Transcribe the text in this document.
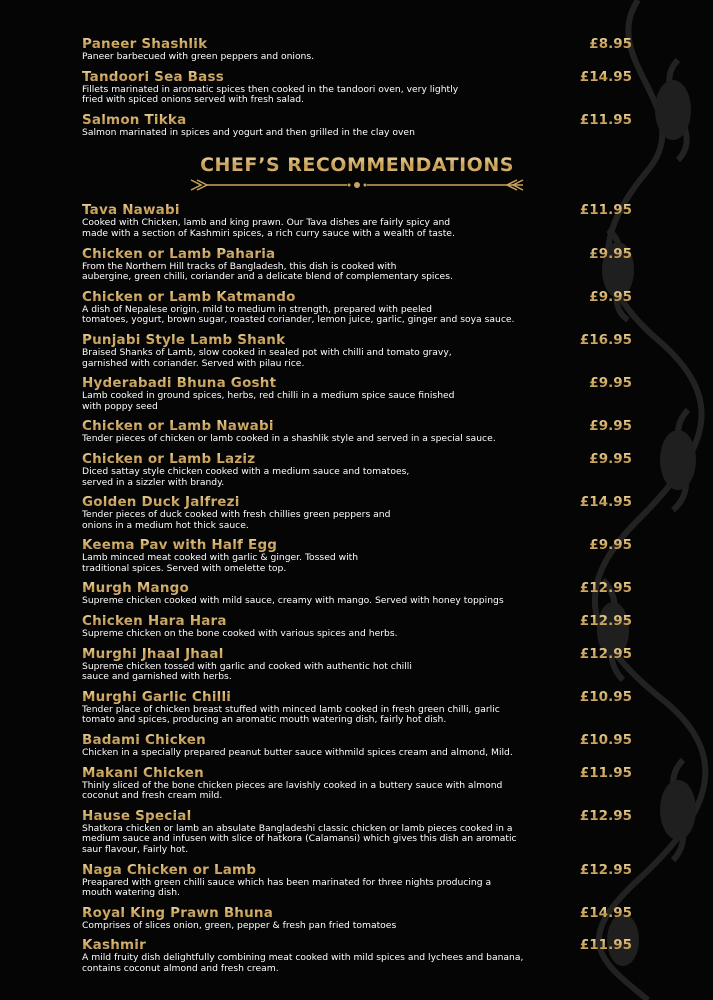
Paneer Shashlik	£8.95
Paneer barbecued with green peppers and onions.
Tandoori Sea Bass	£14.95
Fillets marinated in aromatic spices then cooked in the tandoori oven, very lightly
fried with spiced onions served with fresh salad.
Salmon Tikka	£11.95
Salmon marinated in spices and yogurt and then grilled in the clay oven
CHEF’S RECOMMENDATIONS
Tava Nawabi	£11.95
Cooked with Chicken, lamb and king prawn. Our Tava dishes are fairly spicy and
made with a section of Kashmiri spices, a rich curry sauce with a wealth of taste.
Chicken or Lamb Paharia	£9.95
From the Northern Hill tracks of Bangladesh, this dish is cooked with
aubergine, green chilli, coriander and a delicate blend of complementary spices.
Chicken or Lamb Katmando	£9.95
A dish of Nepalese origin, mild to medium in strength, prepared with peeled
tomatoes, yogurt, brown sugar, roasted coriander, lemon juice, garlic, ginger and soya sauce.
Punjabi Style Lamb Shank	£16.95
Braised Shanks of Lamb, slow cooked in sealed pot with chilli and tomato gravy,
garnished with coriander. Served with pilau rice.
Hyderabadi Bhuna Gosht	£9.95
Lamb cooked in ground spices, herbs, red chilli in a medium spice sauce finished
with poppy seed
Chicken or Lamb Nawabi	£9.95
Tender pieces of chicken or lamb cooked in a shashlik style and served in a special sauce.
Chicken or Lamb Laziz	£9.95
Diced sattay style chicken cooked with a medium sauce and tomatoes,
served in a sizzler with brandy.
Golden Duck Jalfrezi	£14.95
Tender pieces of duck cooked with fresh chillies green peppers and
onions in a medium hot thick sauce.
Keema Pav with Half Egg	£9.95
Lamb minced meat cooked with garlic & ginger. Tossed with
traditional spices. Served with omelette top.
Murgh Mango	£12.95
Supreme chicken cooked with mild sauce, creamy with mango. Served with honey toppings
Chicken Hara Hara	£12.95
Supreme chicken on the bone cooked with various spices and herbs.
Murghi Jhaal Jhaal	£12.95
Supreme chicken tossed with garlic and cooked with authentic hot chilli
sauce and garnished with herbs.
Murghi Garlic Chilli	£10.95
Tender place of chicken breast stuffed with minced lamb cooked in fresh green chilli, garlic
tomato and spices, producing an aromatic mouth watering dish, fairly hot dish.
Badami Chicken	£10.95
Chicken in a specially prepared peanut butter sauce withmild spices cream and almond, Mild.
Makani Chicken	£11.95
Thinly sliced of the bone chicken pieces are lavishly cooked in a buttery sauce with almond
coconut and fresh cream mild.
Hause Special	£12.95
Shatkora chicken or lamb an absulate Bangladeshi classic chicken or lamb pieces cooked in a
medium sauce and infusen with slice of hatkora (Calamansi) which gives this dish an aromatic
saur flavour, Fairly hot.
Naga Chicken or Lamb	£12.95
Preapared with green chilli sauce which has been marinated for three nights producing a
mouth watering dish.
Royal King Prawn Bhuna	£14.95
Comprises of slices onion, green, pepper & fresh pan fried tomatoes
Kashmir	£11.95
A mild fruity dish delightfully combining meat cooked with mild spices and lychees and banana,
contains coconut almond and fresh cream.
